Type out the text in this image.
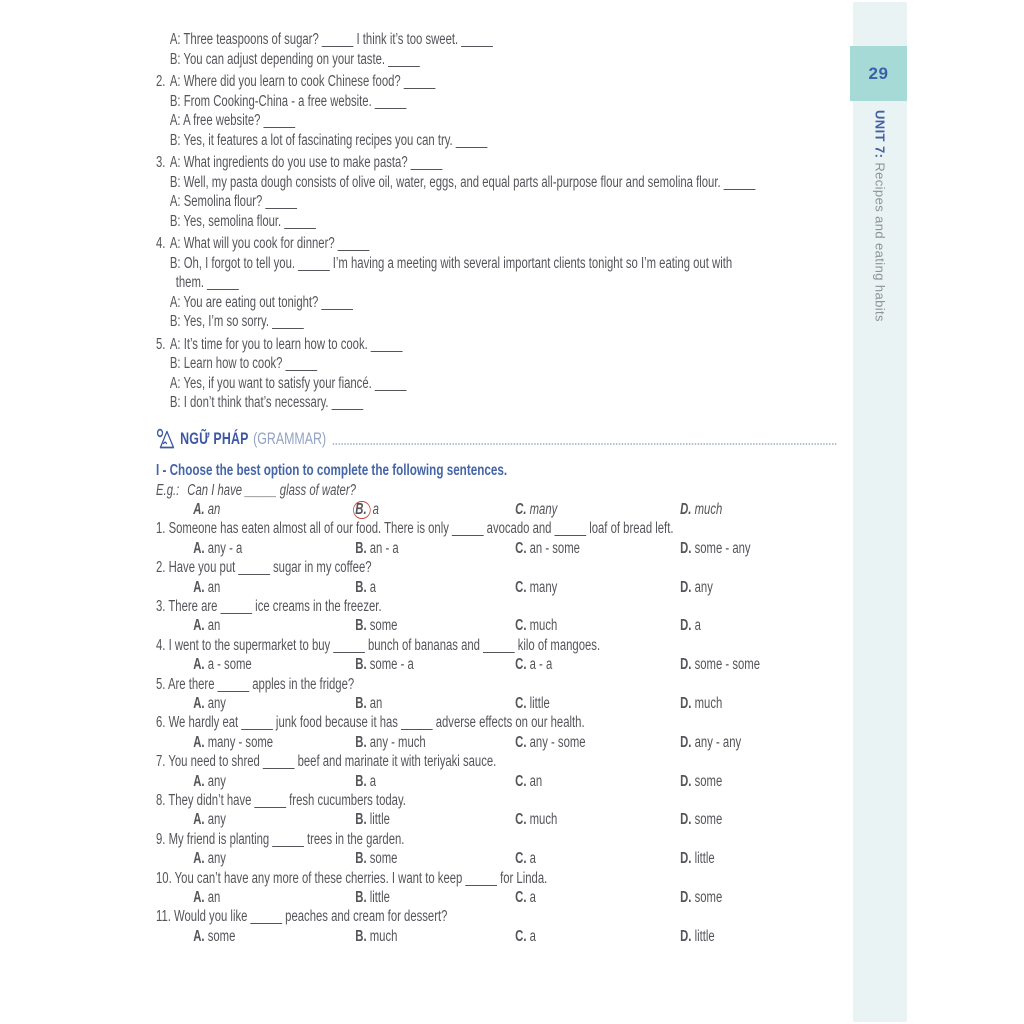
29
UNIT 7: Recipes and eating habits
A: Three teaspoons of sugar? _____ I think it’s too sweet. _____
B: You can adjust depending on your taste. _____
2. A: Where did you learn to cook Chinese food? _____
B: From Cooking-China - a free website. _____
A: A free website? _____
B: Yes, it features a lot of fascinating recipes you can try. _____
3. A: What ingredients do you use to make pasta? _____
B: Well, my pasta dough consists of olive oil, water, eggs, and equal parts all-purpose flour and semolina flour. _____
A: Semolina flour? _____
B: Yes, semolina flour. _____
4. A: What will you cook for dinner? _____
B: Oh, I forgot to tell you. _____ I’m having a meeting with several important clients tonight so I’m eating out with
them. _____
A: You are eating out tonight? _____
B: Yes, I’m so sorry. _____
5. A: It’s time for you to learn how to cook. _____
B: Learn how to cook? _____
A: Yes, if you want to satisfy your fiancé. _____
B: I don’t think that’s necessary. _____
NGỮ PHÁP (GRAMMAR)
I - Choose the best option to complete the following sentences.
E.g.: Can I have _____ glass of water?
A. an	B. a	C. many	D. much
1. Someone has eaten almost all of our food. There is only _____ avocado and _____ loaf of bread left.
A. any - a	B. an - a	C. an - some	D. some - any
2. Have you put _____ sugar in my coffee?
A. an	B. a	C. many	D. any
3. There are _____ ice creams in the freezer.
A. an	B. some	C. much	D. a
4. I went to the supermarket to buy _____ bunch of bananas and _____ kilo of mangoes.
A. a - some	B. some - a	C. a - a	D. some - some
5. Are there _____ apples in the fridge?
A. any	B. an	C. little	D. much
6. We hardly eat _____ junk food because it has _____ adverse effects on our health.
A. many - some	B. any - much	C. any - some	D. any - any
7. You need to shred _____ beef and marinate it with teriyaki sauce.
A. any	B. a	C. an	D. some
8. They didn’t have _____ fresh cucumbers today.
A. any	B. little	C. much	D. some
9. My friend is planting _____ trees in the garden.
A. any	B. some	C. a	D. little
10. You can’t have any more of these cherries. I want to keep _____ for Linda.
A. an	B. little	C. a	D. some
11. Would you like _____ peaches and cream for dessert?
A. some	B. much	C. a	D. little
